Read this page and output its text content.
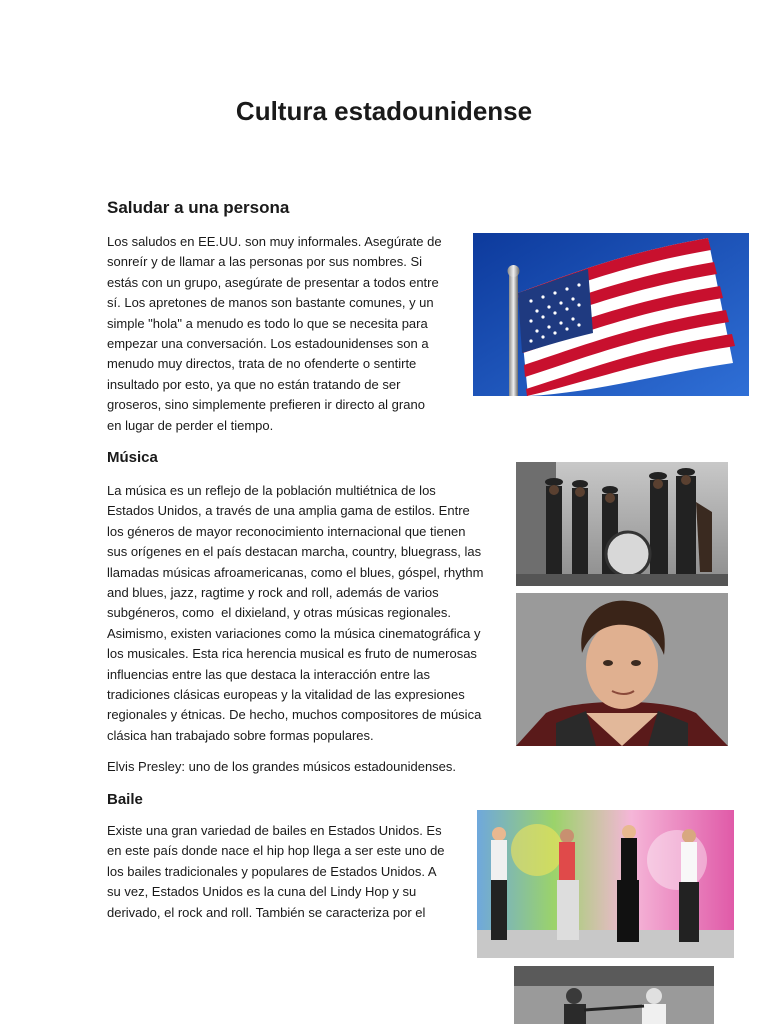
Cultura estadounidense
Saludar a una persona
Los saludos en EE.UU. son muy informales. Asegúrate de
sonreír y de llamar a las personas por sus nombres. Si
estás con un grupo, asegúrate de presentar a todos entre
sí. Los apretones de manos son bastante comunes, y un
simple "hola" a menudo es todo lo que se necesita para
empezar una conversación. Los estadounidenses son a
menudo muy directos, trata de no ofenderte o sentirte
insultado por esto, ya que no están tratando de ser
groseros, sino simplemente prefieren ir directo al grano
en lugar de perder el tiempo.
Música
La música es un reflejo de la población multiétnica de los
Estados Unidos, a través de una amplia gama de estilos. Entre
los géneros de mayor reconocimiento internacional que tienen
sus orígenes en el país destacan marcha, country, bluegrass, las
llamadas músicas afroamericanas, como el blues, góspel, rhythm
and blues, jazz, ragtime y rock and roll, además de varios
subgéneros, como  el dixieland, y otras músicas regionales.
Asimismo, existen variaciones como la música cinematográfica y
los musicales. Esta rica herencia musical es fruto de numerosas
influencias entre las que destaca la interacción entre las
tradiciones clásicas europeas y la vitalidad de las expresiones
regionales y étnicas. De hecho, muchos compositores de música
clásica han trabajado sobre formas populares.
Elvis Presley: uno de los grandes músicos estadounidenses.
Baile
Existe una gran variedad de bailes en Estados Unidos. Es
en este país donde nace el hip hop llega a ser este uno de
los bailes tradicionales y populares de Estados Unidos. A
su vez, Estados Unidos es la cuna del Lindy Hop y su
derivado, el rock and roll. También se caracteriza por el
